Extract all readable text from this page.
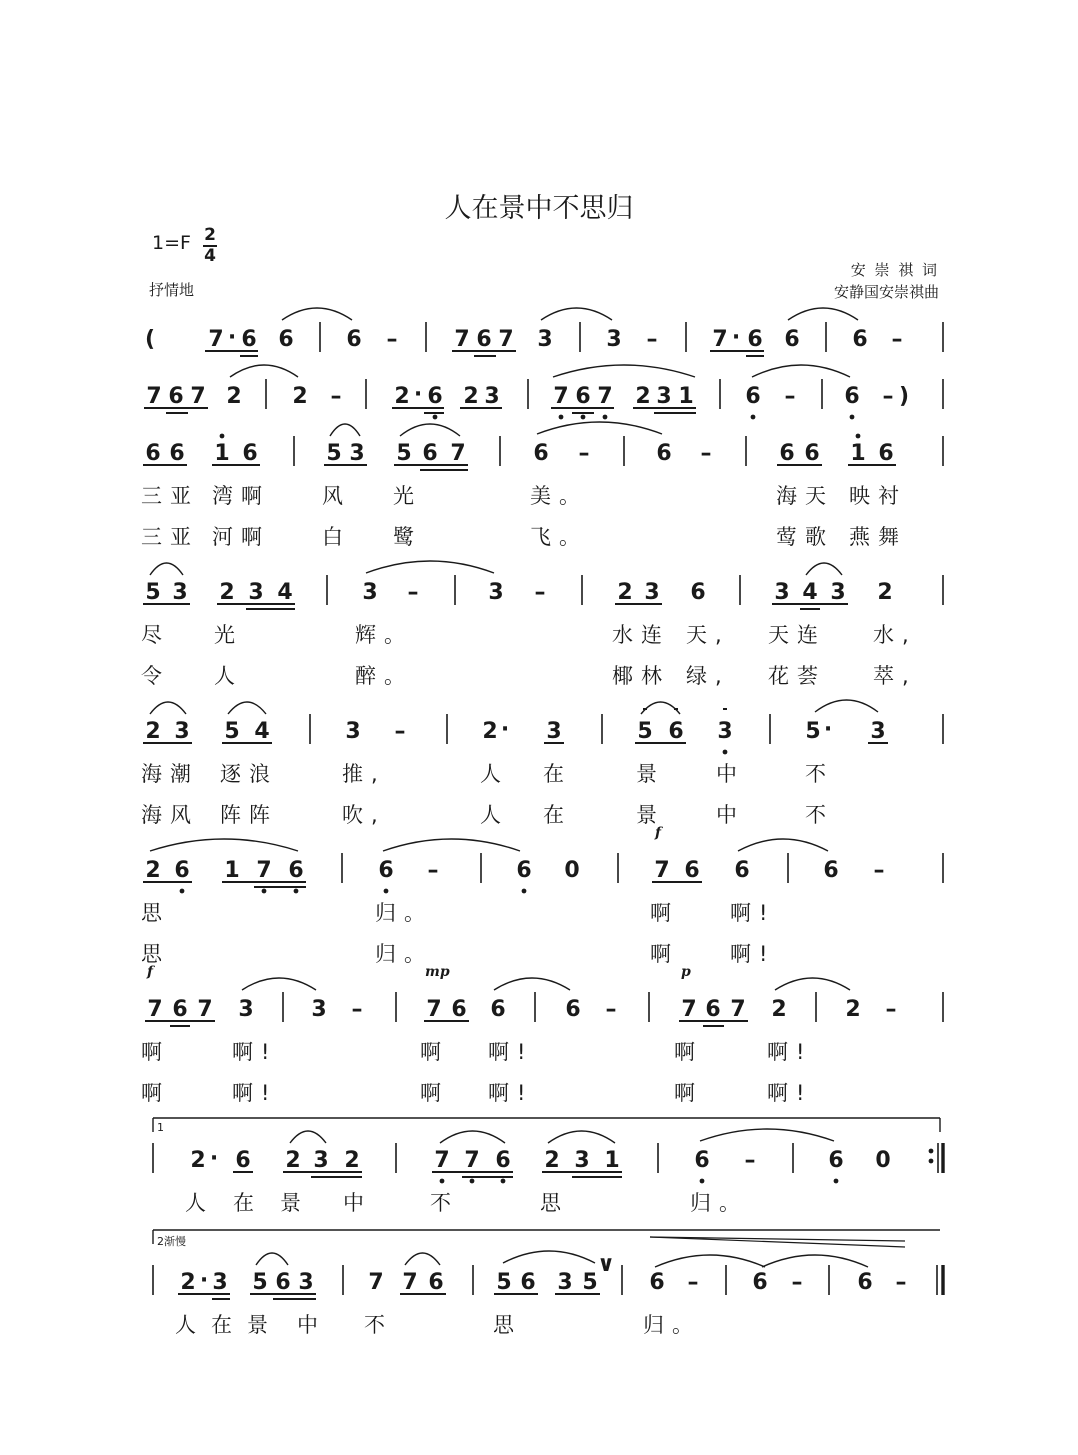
人在景中不思归
1=F 2
4
抒情地
安 崇 祺 词
安静国安崇祺曲
( 7 · 6 6 6 –	7 6 7 3 3 – 7 · 6 6 6 –
7 6 7 2 2 – 2 · 6 2 3 7 6 7 2 3 1 6 – 6 – )
6 6 1 6	5 3 5 6 7	6 –	6 –	6 6 1 6
5 3 2 3 4	3 –	3 –	2 3 6	3 4 3 2
2 3 5 4	3 –	2 · 3	5 6 3	5 · 3
2 6 1 7 6	6 –	6 0	7 6 6	6 –
7 6 7 3	3 –	7 6 6	6 –	7 6 7 2	2 –
2 · 6 2 3 2	7 7 6 2 3 1	6 –	6 0
2 · 3 5 6 3 7 7 6 5 6 3 5
∨
6 – 6 – 6 –
三亚 湾啊 风 光	美。	海天 映衬
三亚 河啊 白 鹭	飞。	莺歌 燕舞
尽 光	辉。	水连 天, 天连 水,
令 人	醉。	椰林 绿, 花荟 萃,
海潮 逐浪	推,	人 在	景 中	不
海风 阵阵	吹,	人 在	景 中	不
思	归。	啊 啊!
思	归。	啊 啊!
啊	啊!	啊 啊!	啊	啊!
啊	啊!	啊 啊!	啊	啊!
人 在 景 中	不	思	归。
人 在 景 中 不	思	归。
f
f	mp	p
1
2渐慢
